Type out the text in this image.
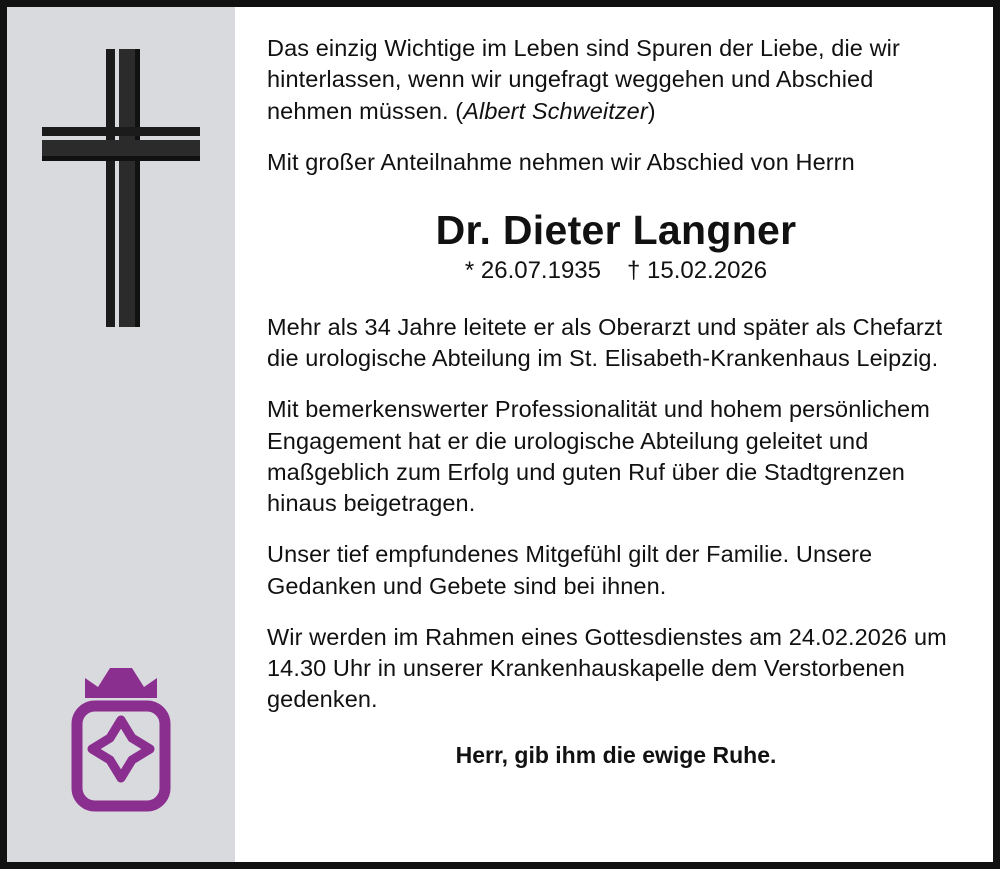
Das einzig Wichtige im Leben sind Spuren der Liebe, die wir hinterlassen, wenn wir ungefragt weggehen und Abschied nehmen müssen. (Albert Schweitzer)

Mit großer Anteilnahme nehmen wir Abschied von Herrn

Dr. Dieter Langner
* 26.07.1935 † 15.02.2026

Mehr als 34 Jahre leitete er als Oberarzt und später als Chefarzt die urologische Abteilung im St. Elisabeth-Krankenhaus Leipzig.

Mit bemerkenswerter Professionalität und hohem persönlichem Engagement hat er die urologische Abteilung geleitet und maßgeblich zum Erfolg und guten Ruf über die Stadtgrenzen hinaus beigetragen.

Unser tief empfundenes Mitgefühl gilt der Familie. Unsere Gedanken und Gebete sind bei ihnen.

Wir werden im Rahmen eines Gottesdienstes am 24.02.2026 um 14.30 Uhr in unserer Krankenhauskapelle dem Verstorbenen gedenken.

Herr, gib ihm die ewige Ruhe.
